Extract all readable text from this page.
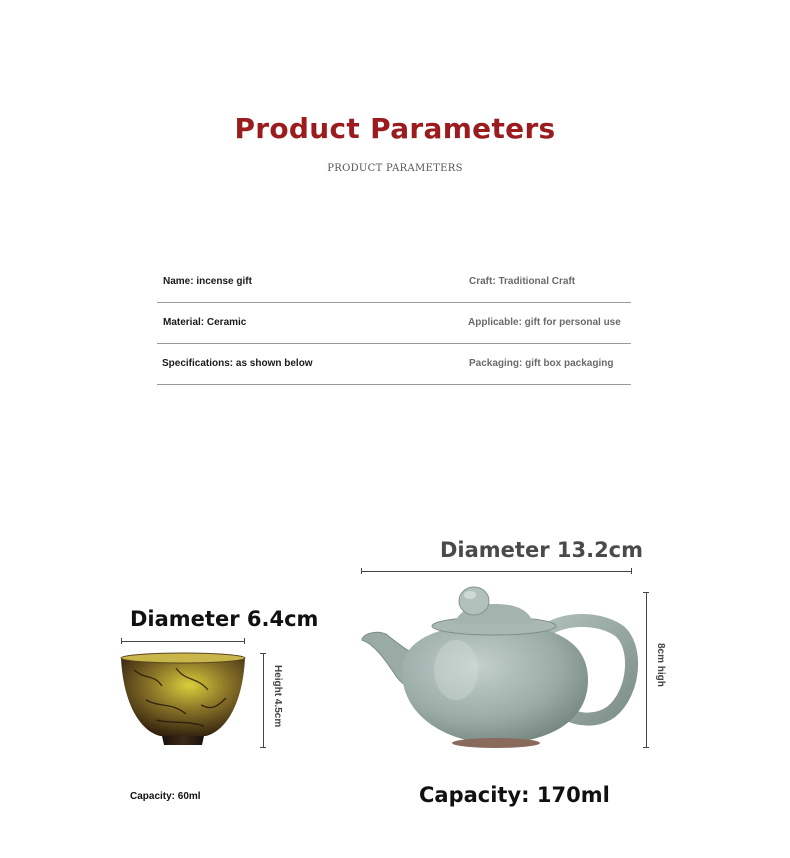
Product Parameters
PRODUCT PARAMETERS
Name: incense gift	Craft: Traditional Craft
Material: Ceramic	Applicable: gift for personal use
Specifications: as shown below	Packaging: gift box packaging
Diameter 6.4cm
Height 4.5cm
Capacity: 60ml
Diameter 13.2cm
8cm high
Capacity: 170ml
